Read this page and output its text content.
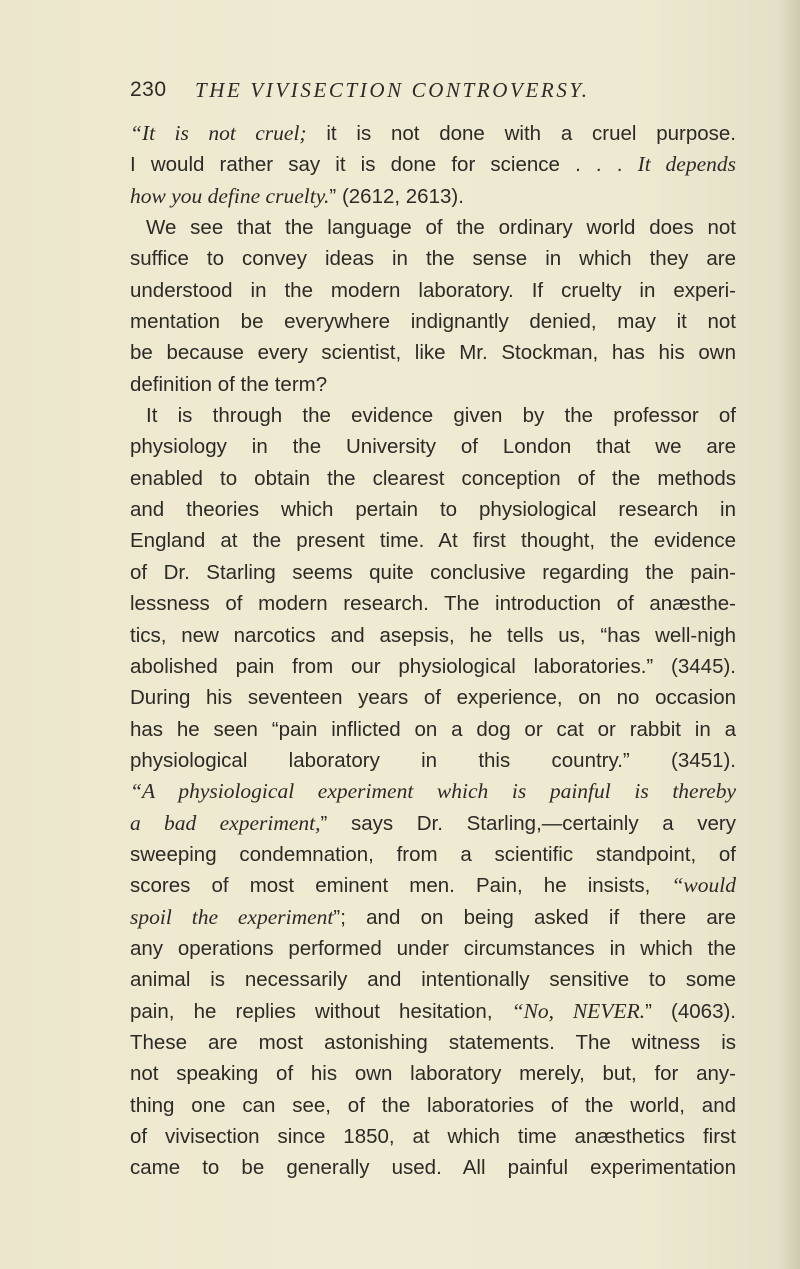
230 THE VIVISECTION CONTROVERSY.
“It is not cruel; it is not done with a cruel purpose.
I would rather say it is done for science . . . It depends
how you define cruelty.” (2612, 2613).
We see that the language of the ordinary world does not
suffice to convey ideas in the sense in which they are
understood in the modern laboratory. If cruelty in experi-
mentation be everywhere indignantly denied, may it not
be because every scientist, like Mr. Stockman, has his own
definition of the term?
It is through the evidence given by the professor of
physiology in the University of London that we are
enabled to obtain the clearest conception of the methods
and theories which pertain to physiological research in
England at the present time. At first thought, the evidence
of Dr. Starling seems quite conclusive regarding the pain-
lessness of modern research. The introduction of anæsthe-
tics, new narcotics and asepsis, he tells us, “has well-nigh
abolished pain from our physiological laboratories.” (3445).
During his seventeen years of experience, on no occasion
has he seen “pain inflicted on a dog or cat or rabbit in a
physiological laboratory in this country.” (3451).
“A physiological experiment which is painful is thereby
a bad experiment,” says Dr. Starling,—certainly a very
sweeping condemnation, from a scientific standpoint, of
scores of most eminent men. Pain, he insists, “would
spoil the experiment”; and on being asked if there are
any operations performed under circumstances in which the
animal is necessarily and intentionally sensitive to some
pain, he replies without hesitation, “No, NEVER.” (4063).
These are most astonishing statements. The witness is
not speaking of his own laboratory merely, but, for any-
thing one can see, of the laboratories of the world, and
of vivisection since 1850, at which time anæsthetics first
came to be generally used. All painful experimentation
